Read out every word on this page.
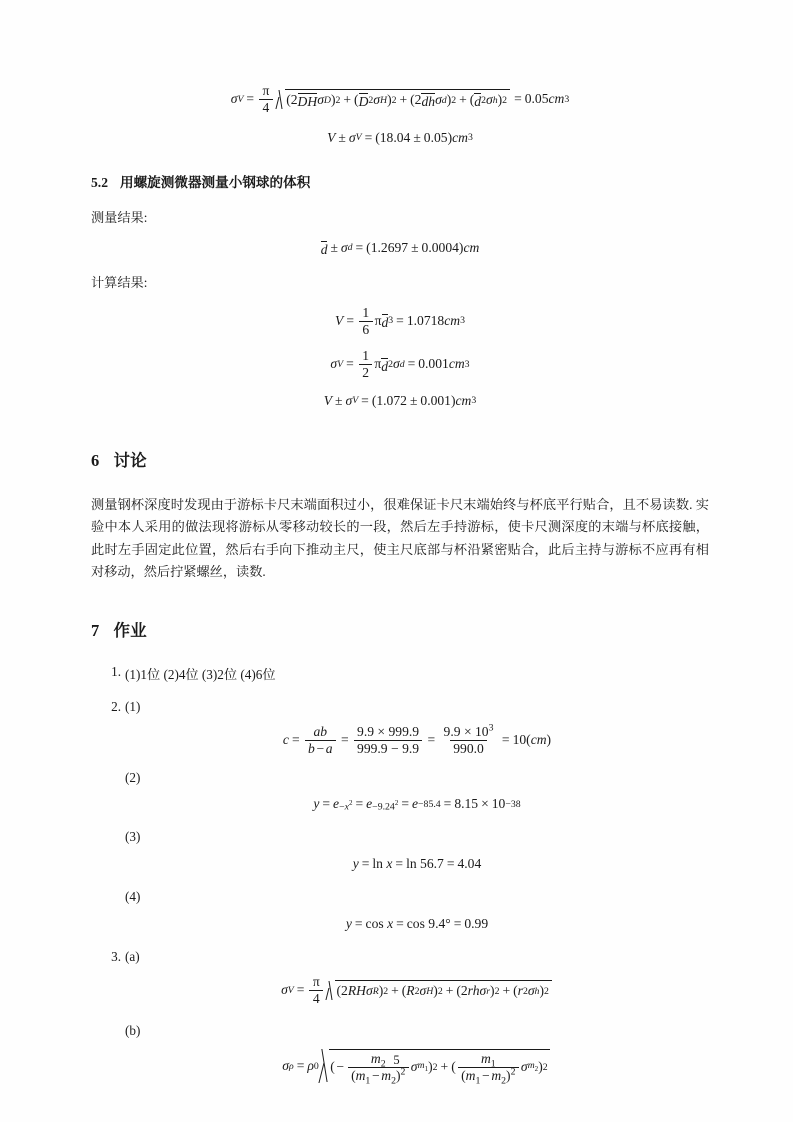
σ $V = \frac{\pi}{4} (2$ D H σ D ) 2 + ( D 2 σ H ) 2 + (2 dh σ d ) 2 + ( d 2 σ h ) 2 = 0.05 cm 3
V ± σ V = ( 18.04 ± 0.05 ) cm 3
5.2 用螺旋测微器测量小钢球的体积

测量结果:

d ± σ d = ( 1.2697 ± 0.0004 ) cm

计算结果:

$V = \frac{1}{6}$ π d 3 = 1.0718 cm 3
σ $V = \frac{1}{2}$ π d 2 σ d = 0.001 cm 3
V ± σ V = ( 1.072 ± 0.001 ) cm 3
6 讨论

测量钢杯深度时发现由于游标卡尺末端面积过小，很难保证卡尺末端始终与杯底平行贴合，且不易读数. 实验中本人采用的做法现将游标从零移动较长的一段，然后左手持游标，使卡尺测深度的末端与杯底接触，此时左手固定此位置，然后右手向下推动主尺，使主尺底部与杯沿紧密贴合，此后主持与游标不应再有相对移动，然后拧紧螺丝，读数.

7 作业
1. (1)1位 (2)4位 (3)2位 (4)6位
2. (1)
$c = \frac{ab}{b - a} = \frac{9.9 \times 999.9}{999.9 - 9.9} = \frac{9.9 \times 10^3}{990.0} = 10$ ( cm )
(2)
$y = e -x^2 = e -9.24^2 = e -85.4 = 8.15 \times 10 -38$
(3)
y = ln
x = ln
56.7 = 4.04
(4)
y = cos
x = cos
9.4° = 0.99
3. (a)
σ $V = \frac{\pi}{4} (2$ RH σ R ) 2 + ( R 2 σ H ) 2 + (2 rh σ r ) 2 + ( r 2 σ h ) 2
(b)
σ ρ = ρ 0 ( − $\frac{m_2}{(m_1 - m_2)^2}$ σ $m_1$ ) 2 + ( $\frac{m_1}{(m_1 - m_2)^2}$ σ $m_2$ ) 2
5
